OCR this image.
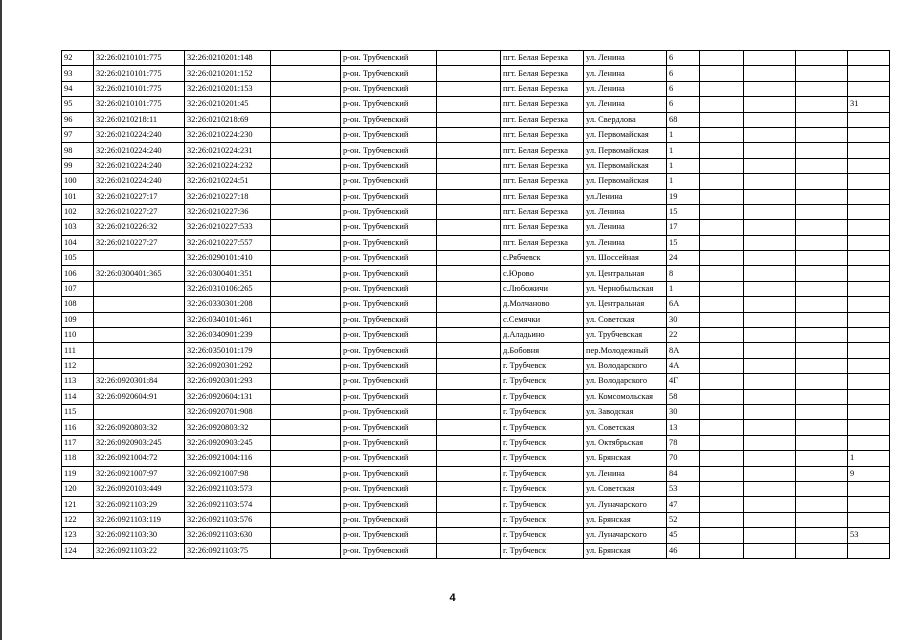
92	32:26:0210101:775	32:26:0210201:148		р-он. Трубчевский		пгт. Белая Березка	ул. Ленина	6				
93	32:26:0210101:775	32:26:0210201:152		р-он. Трубчевский		пгт. Белая Березка	ул. Ленина	6				
94	32:26:0210101:775	32:26:0210201:153		р-он. Трубчевский		пгт. Белая Березка	ул. Ленина	6				
95	32:26:0210101:775	32:26:0210201:45		р-он. Трубчевский		пгт. Белая Березка	ул. Ленина	6				31
96	32:26:0210218:11	32:26:0210218:69		р-он. Трубчевский		пгт. Белая Березка	ул. Свердлова	68				
97	32:26:0210224:240	32:26:0210224:230		р-он. Трубчевский		пгт. Белая Березка	ул. Первомайская	1				
98	32:26:0210224:240	32:26:0210224:231		р-он. Трубчевский		пгт. Белая Березка	ул. Первомайская	1				
99	32:26:0210224:240	32:26:0210224:232		р-он. Трубчевский		пгт. Белая Березка	ул. Первомайская	1				
100	32:26:0210224:240	32:26:0210224:51		р-он. Трубчевский		пгт. Белая Березка	ул. Первомайская	1				
101	32:26:0210227:17	32:26:0210227:18		р-он. Трубчевский		пгт. Белая Березка	ул.Ленина	19				
102	32:26:0210227:27	32:26:0210227:36		р-он. Трубчевский		пгт. Белая Березка	ул. Ленина	15				
103	32:26:0210226:32	32:26:0210227:533		р-он. Трубчевский		пгт. Белая Березка	ул. Ленина	17				
104	32:26:0210227:27	32:26:0210227:557		р-он. Трубчевский		пгт. Белая Березка	ул. Ленина	15				
105		32:26:0290101:410		р-он. Трубчевский		с.Рябчевск	ул. Шоссейная	24				
106	32:26:0300401:365	32:26:0300401:351		р-он. Трубчевский		с.Юрово	ул. Центральная	8				
107		32:26:0310106:265		р-он. Трубчевский		с.Любожичи	ул. Чернобыльская	1				
108		32:26:0330301:208		р-он. Трубчевский		д.Молчаново	ул. Центральная	6А				
109		32:26:0340101:461		р-он. Трубчевский		с.Семячки	ул. Советская	30				
110		32:26:0340901:239		р-он. Трубчевский		д.Аладьино	ул. Трубчевская	22				
111		32:26:0350101:179		р-он. Трубчевский		д.Бобовня	пер.Молодежный	8А				
112		32:26:0920301:292		р-он. Трубчевский		г. Трубчевск	ул. Володарского	4А				
113	32:26:0920301:84	32:26:0920301:293		р-он. Трубчевский		г. Трубчевск	ул. Володарского	4Г				
114	32:26:0920604:91	32:26:0920604:131		р-он. Трубчевский		г. Трубчевск	ул. Комсомольская	58				
115		32:26:0920701:908		р-он. Трубчевский		г. Трубчевск	ул. Заводская	30				
116	32:26:0920803:32	32:26:0920803:32		р-он. Трубчевский		г. Трубчевск	ул. Советская	13				
117	32:26:0920903:245	32:26:0920903:245		р-он. Трубчевский		г. Трубчевск	ул. Октябрьская	78				
118	32:26:0921004:72	32:26:0921004:116		р-он. Трубчевский		г. Трубчевск	ул. Брянская	70				1
119	32:26:0921007:97	32:26:0921007:98		р-он. Трубчевский		г. Трубчевск	ул. Ленина	84				9
120	32:26:0920103:449	32:26:0921103:573		р-он. Трубчевский		г. Трубчевск	ул. Советская	53				
121	32:26:0921103:29	32:26:0921103:574		р-он. Трубчевский		г. Трубчевск	ул. Луначарского	47				
122	32:26:0921103:119	32:26:0921103:576		р-он. Трубчевский		г. Трубчевск	ул. Брянская	52				
123	32:26:0921103:30	32:26:0921103:630		р-он. Трубчевский		г. Трубчевск	ул. Луначарского	45				53
124	32:26:0921103:22	32:26:0921103:75		р-он. Трубчевский		г. Трубчевск	ул. Брянская	46				
4
